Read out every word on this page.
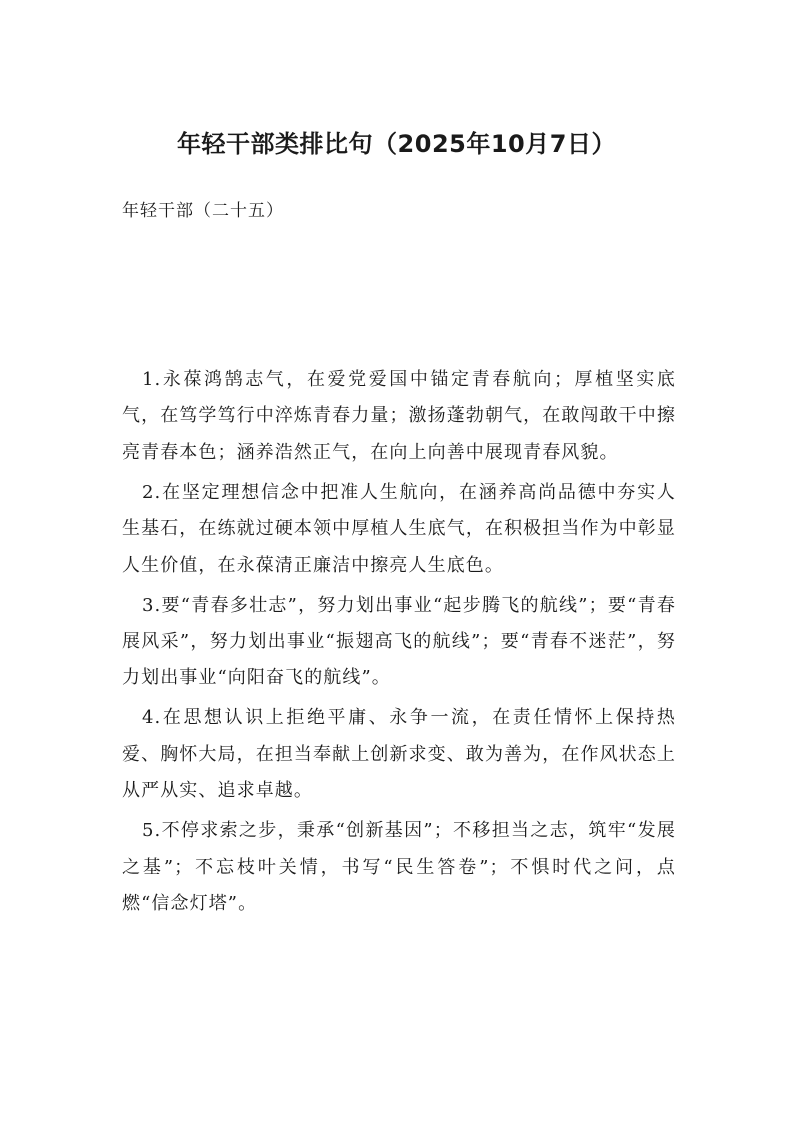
年轻干部类排比句（2025年10月7日）

年轻干部（二十五）

1.永葆鸿鹄志气，在爱党爱国中锚定青春航向；厚植坚实底气，在笃学笃行中淬炼青春力量；激扬蓬勃朝气，在敢闯敢干中擦亮青春本色；涵养浩然正气，在向上向善中展现青春风貌。

2.在坚定理想信念中把准人生航向，在涵养高尚品德中夯实人生基石，在练就过硬本领中厚植人生底气，在积极担当作为中彰显人生价值，在永葆清正廉洁中擦亮人生底色。

3.要“青春多壮志”，努力划出事业“起步腾飞的航线”；要“青春展风采”，努力划出事业“振翅高飞的航线”；要“青春不迷茫”，努力划出事业“向阳奋飞的航线”。

4.在思想认识上拒绝平庸、永争一流，在责任情怀上保持热爱、胸怀大局，在担当奉献上创新求变、敢为善为，在作风状态上从严从实、追求卓越。

5.不停求索之步，秉承“创新基因”；不移担当之志，筑牢“发展之基”；不忘枝叶关情，书写“民生答卷”；不惧时代之问，点燃“信念灯塔”。
